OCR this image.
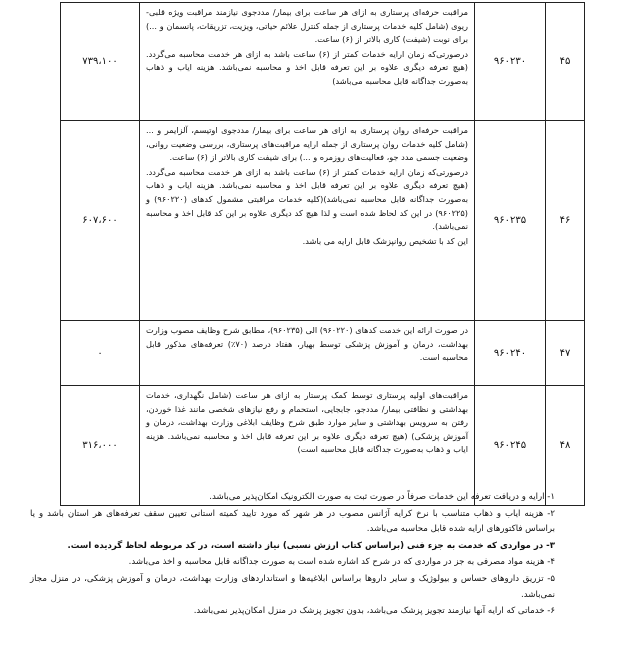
۴۵	۹۶۰۲۳۰	مراقبت حرفه‌ای پرستاری به ازای هر ساعت برای بیمار/ مددجوی نیازمند مراقبت ویژه قلبی-ریوی (شامل کلیه خدمات پرستاری از جمله کنترل علائم حیاتی، ویزیت، تزریقات، پانسمان و ...) برای نوبت (شیفت) کاری بالاتر از (۶) ساعت.

درصورتی‌که زمان ارایه خدمات کمتر از (۶) ساعت باشد به ازای هر خدمت محاسبه می‌گردد. (هیچ تعرفه دیگری علاوه بر این تعرفه قابل اخذ و محاسبه نمی‌باشد. هزینه ایاب و ذهاب به‌صورت جداگانه قابل محاسبه می‌باشد)	۷۳۹،۱۰۰
۴۶	۹۶۰۲۳۵	مراقبت حرفه‌ای روان پرستاری به ازای هر ساعت برای بیمار/ مددجوی اوتیسم، آلزایمر و ... (شامل کلیه خدمات روان پرستاری از جمله ارایه مراقبت‌های پرستاری، بررسی وضعیت روانی، وضعیت جسمی مدد جو، فعالیت‌های روزمره و ...) برای شیفت کاری بالاتر از (۶) ساعت.

درصورتی‌که زمان ارایه خدمات کمتر از (۶) ساعت باشد به ازای هر خدمت محاسبه می‌گردد. (هیچ تعرفه دیگری علاوه بر این تعرفه قابل اخذ و محاسبه نمی‌باشد. هزینه ایاب و ذهاب به‌صورت جداگانه قابل محاسبه نمی‌باشد)(کلیه خدمات مراقبتی مشمول کدهای (۹۶۰۲۲۰) و (۹۶۰۲۲۵) در این کد لحاظ شده است و لذا هیچ کد دیگری علاوه بر این کد قابل اخذ و محاسبه نمی‌باشد).

این کد با تشخیص روانپزشک قابل ارایه می باشد.	۶۰۷،۶۰۰
۴۷	۹۶۰۲۴۰	در صورت ارائه این خدمت کدهای (۹۶۰۲۲۰) الی (۹۶۰۲۳۵)، مطابق شرح وظایف مصوب وزارت بهداشت، درمان و آموزش پزشکی توسط بهیار، هفتاد درصد (۷۰٪) تعرفه‌های مذکور قابل محاسبه است.	۰
۴۸	۹۶۰۲۴۵	مراقبت‌های اولیه پرستاری توسط کمک پرستار به ازای هر ساعت (شامل نگهداری، خدمات بهداشتی و نظافتی بیمار/ مددجو، جابجایی، استحمام و رفع نیازهای شخصی مانند غذا خوردن، رفتن به سرویس بهداشتی و سایر موارد طبق شرح وظایف ابلاغی وزارت بهداشت، درمان و آموزش پزشکی) (هیچ تعرفه دیگری علاوه بر این تعرفه قابل اخذ و محاسبه نمی‌باشد. هزینه ایاب و ذهاب به‌صورت جداگانه قابل محاسبه است)	۳۱۶،۰۰۰

۱- ارایه و دریافت تعرفه این خدمات صرفاً در صورت ثبت به صورت الکترونیک امکان‌پذیر می‌باشد.

۲- هزینه ایاب و ذهاب متناسب با نرخ کرایه آژانس مصوب در هر شهر که مورد تایید کمیته استانی تعیین سقف تعرفه‌های هر استان باشد و یا براساس فاکتورهای ارایه شده قابل محاسبه می‌باشد.

۳- در مواردی که خدمت به جزء فنی (براساس کتاب ارزش نسبی) نیاز داشته است، در کد مربوطه لحاظ گردیده است.

۴- هزینه مواد مصرفی به جز در مواردی که در شرح کد اشاره شده است به صورت جداگانه قابل محاسبه و اخذ می‌باشد.

۵- تزریق داروهای حساس و بیولوژیک و سایر داروها براساس ابلاغیه‌ها و استانداردهای وزارت بهداشت، درمان و آموزش پزشکی، در منزل مجاز نمی‌باشد.

۶- خدماتی که ارایه آنها نیازمند تجویز پزشک می‌باشد، بدون تجویز پزشک در منزل امکان‌پذیر نمی‌باشد.
